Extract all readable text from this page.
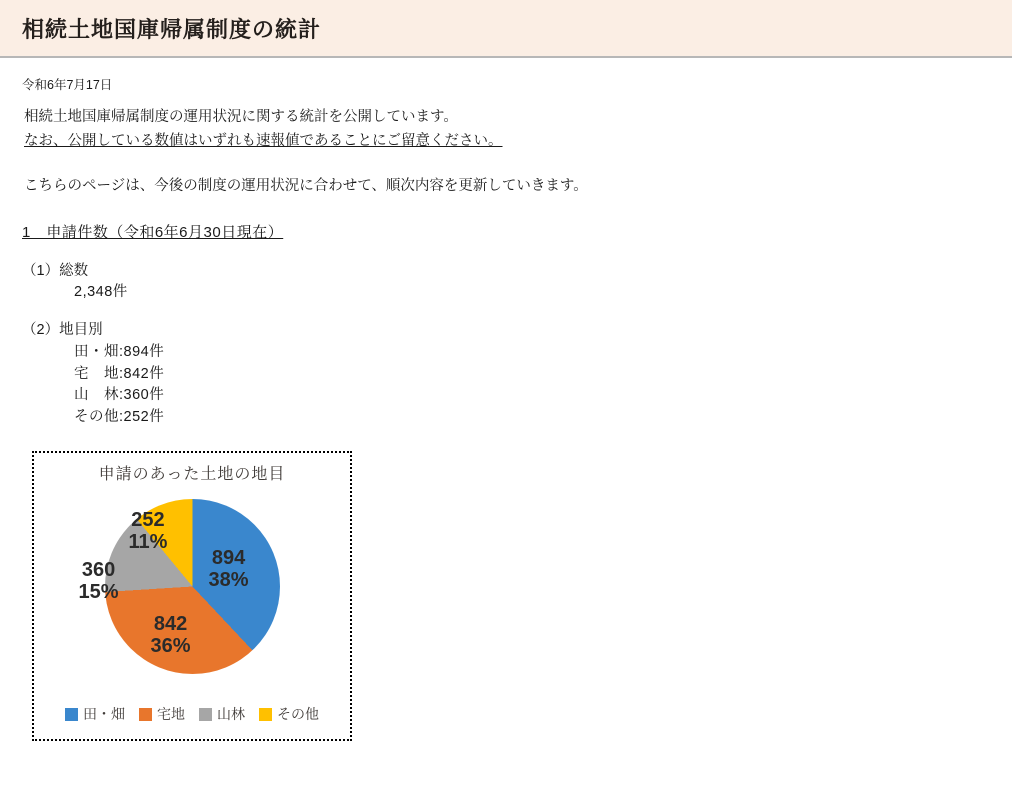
相続土地国庫帰属制度の統計
令和6年7月17日
相続土地国庫帰属制度の運用状況に関する統計を公開しています。
なお、公開している数値はいずれも速報値であることにご留意ください。
こちらのページは、今後の制度の運用状況に合わせて、順次内容を更新していきます。
1　申請件数（令和6年6月30日現在）
（1）総数
2,348件
（2）地目別
田・畑:894件
宅　地:842件
山　林:360件
その他:252件
申請のあった土地の地目
894
38%
842
36%
360
15%
252
11%
田・畑 宅地 山林 その他
